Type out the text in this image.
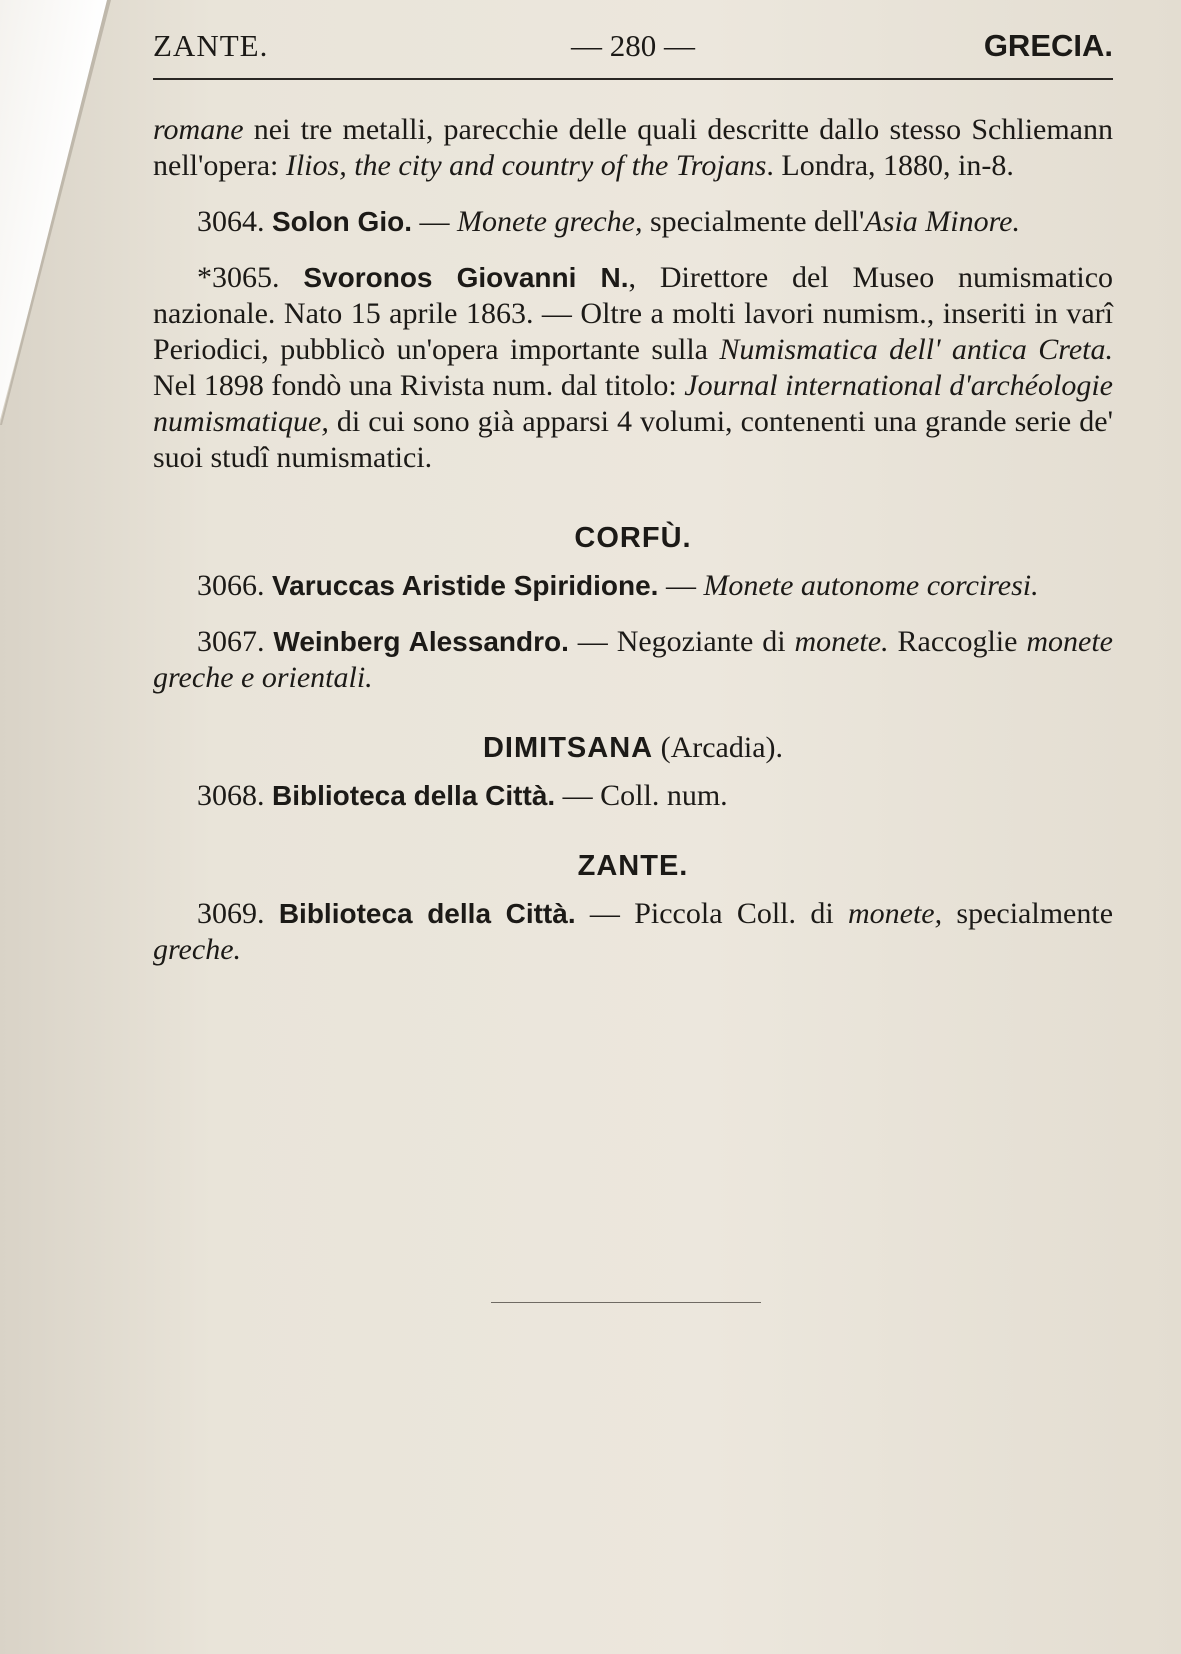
— 280 —
ZANTE.	GRECIA.

romane nei tre metalli, parecchie delle quali descritte dallo stesso Schliemann nell'opera: Ilios, the city and country of the Trojans. Londra, 1880, in-8.

3064. Solon Gio. — Monete greche, specialmente dell'Asia Minore.

*3065. Svoronos Giovanni N., Direttore del Museo numismatico nazionale. Nato 15 aprile 1863. — Oltre a molti lavori numism., inseriti in varî Periodici, pubblicò un'opera importante sulla Numismatica dell' antica Creta. Nel 1898 fondò una Rivista num. dal titolo: Journal international d'archéologie numismatique, di cui sono già apparsi 4 volumi, contenenti una grande serie de' suoi studî numismatici.

CORFÙ.

3066. Varuccas Aristide Spiridione. — Monete autonome corciresi.

3067. Weinberg Alessandro. — Negoziante di monete. Raccoglie monete greche e orientali.

DIMITSANA (Arcadia).

3068. Biblioteca della Città. — Coll. num.

ZANTE.

3069. Biblioteca della Città. — Piccola Coll. di monete, specialmente greche.
